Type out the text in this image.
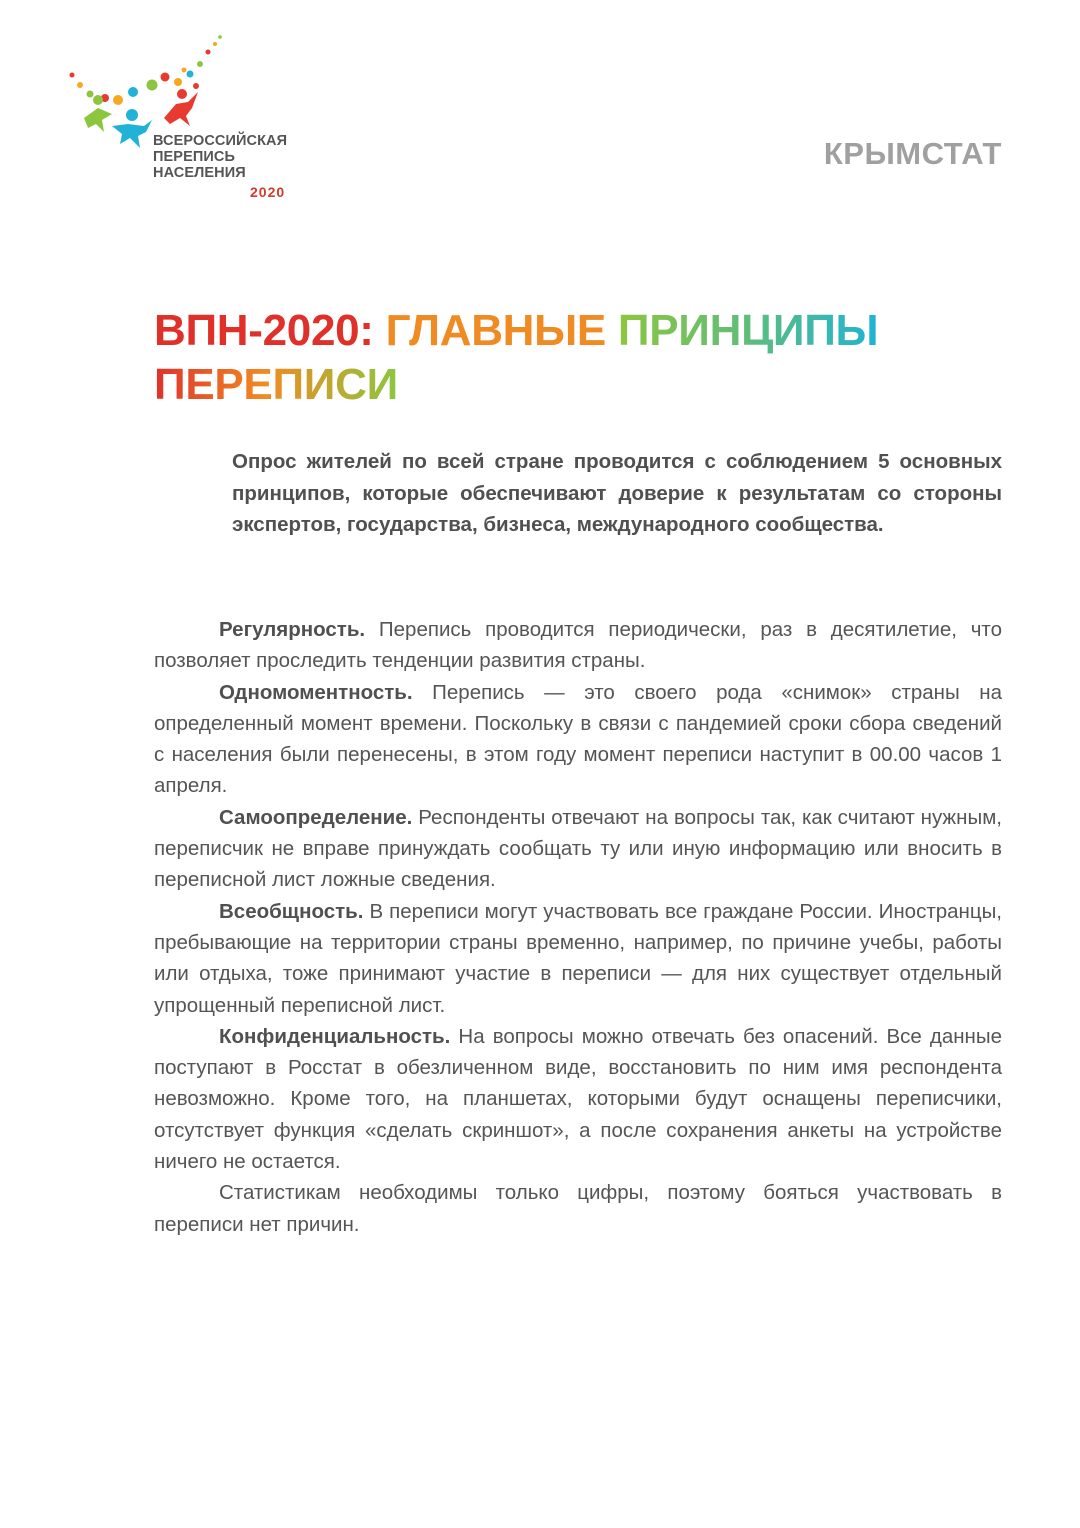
ВСЕРОССИЙСКАЯ
ПЕРЕПИСЬ
НАСЕЛЕНИЯ
2020
КРЫМСТАТ
ВПН-2020: ГЛАВНЫЕ ПРИНЦИПЫ
ПЕРЕПИСИ
Опрос жителей по всей стране проводится с соблюдением 5 основных принципов, которые обеспечивают доверие к результатам со стороны экспертов, государства, бизнеса, международного сообщества.

Регулярность. Перепись проводится периодически, раз в десятилетие, что позволяет проследить тенденции развития страны.

Одномоментность. Перепись — это своего рода «снимок» страны на определенный момент времени. Поскольку в связи с пандемией сроки сбора сведений с населения были перенесены, в этом году момент переписи наступит в 00.00 часов 1 апреля.

Самоопределение. Респонденты отвечают на вопросы так, как считают нужным, переписчик не вправе принуждать сообщать ту или иную информацию или вносить в переписной лист ложные сведения.

Всеобщность. В переписи могут участвовать все граждане России. Иностранцы, пребывающие на территории страны временно, например, по причине учебы, работы или отдыха, тоже принимают участие в переписи — для них существует отдельный упрощенный переписной лист.

Конфиденциальность. На вопросы можно отвечать без опасений. Все данные поступают в Росстат в обезличенном виде, восстановить по ним имя респондента невозможно. Кроме того, на планшетах, которыми будут оснащены переписчики, отсутствует функция «сделать скриншот», а после сохранения анкеты на устройстве ничего не остается.

Статистикам необходимы только цифры, поэтому бояться участвовать в переписи нет причин.
